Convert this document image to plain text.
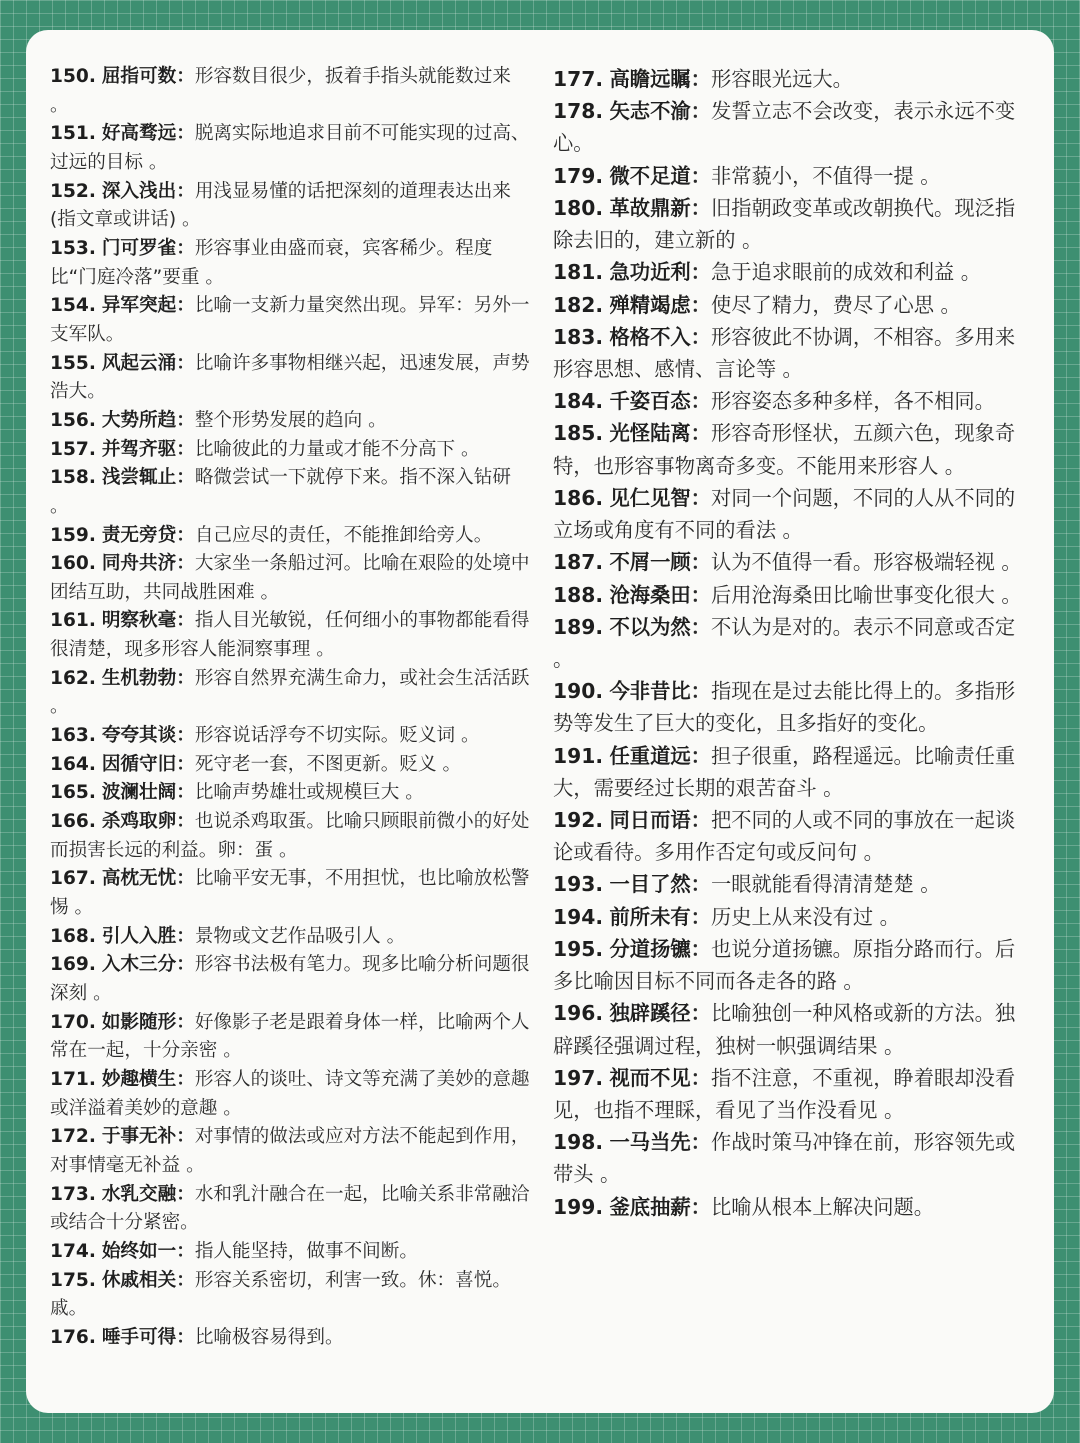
150. 屈指可数：形容数目很少，扳着手指头就能数过来 。

151. 好高骛远：脱离实际地追求目前不可能实现的过高、过远的目标 。

152. 深入浅出：用浅显易懂的话把深刻的道理表达出来(指文章或讲话) 。

153. 门可罗雀：形容事业由盛而衰，宾客稀少。程度比“门庭冷落”要重 。

154. 异军突起：比喻一支新力量突然出现。异军：另外一支军队。

155. 风起云涌：比喻许多事物相继兴起，迅速发展，声势浩大。

156. 大势所趋：整个形势发展的趋向 。

157. 并驾齐驱：比喻彼此的力量或才能不分高下 。

158. 浅尝辄止：略微尝试一下就停下来。指不深入钻研 。

159. 责无旁贷：自己应尽的责任，不能推卸给旁人。

160. 同舟共济：大家坐一条船过河。比喻在艰险的处境中团结互助，共同战胜困难 。

161. 明察秋毫：指人目光敏锐，任何细小的事物都能看得很清楚，现多形容人能洞察事理 。

162. 生机勃勃：形容自然界充满生命力，或社会生活活跃 。

163. 夸夸其谈：形容说话浮夸不切实际。贬义词 。

164. 因循守旧：死守老一套，不图更新。贬义 。

165. 波澜壮阔：比喻声势雄壮或规模巨大 。

166. 杀鸡取卵：也说杀鸡取蛋。比喻只顾眼前微小的好处而损害长远的利益。卵：蛋 。

167. 高枕无忧：比喻平安无事，不用担忧，也比喻放松警惕 。

168. 引人入胜：景物或文艺作品吸引人 。

169. 入木三分：形容书法极有笔力。现多比喻分析问题很深刻 。

170. 如影随形：好像影子老是跟着身体一样，比喻两个人常在一起，十分亲密 。

171. 妙趣横生：形容人的谈吐、诗文等充满了美妙的意趣或洋溢着美妙的意趣 。

172. 于事无补：对事情的做法或应对方法不能起到作用，对事情毫无补益 。

173. 水乳交融：水和乳汁融合在一起，比喻关系非常融洽或结合十分紧密。

174. 始终如一：指人能坚持，做事不间断。

175. 休戚相关：形容关系密切，利害一致。休：喜悦。戚。

176. 唾手可得：比喻极容易得到。

177. 高瞻远瞩：形容眼光远大。

178. 矢志不渝：发誓立志不会改变，表示永远不变心。

179. 微不足道：非常藐小，不值得一提 。

180. 革故鼎新：旧指朝政变革或改朝换代。现泛指除去旧的，建立新的 。

181. 急功近利：急于追求眼前的成效和利益 。

182. 殚精竭虑：使尽了精力，费尽了心思 。

183. 格格不入：形容彼此不协调，不相容。多用来形容思想、感情、言论等 。

184. 千姿百态：形容姿态多种多样，各不相同。

185. 光怪陆离：形容奇形怪状，五颜六色，现象奇特，也形容事物离奇多变。不能用来形容人 。

186. 见仁见智：对同一个问题，不同的人从不同的立场或角度有不同的看法 。

187. 不屑一顾：认为不值得一看。形容极端轻视 。

188. 沧海桑田：后用沧海桑田比喻世事变化很大 。

189. 不以为然：不认为是对的。表示不同意或否定 。

190. 今非昔比：指现在是过去能比得上的。多指形势等发生了巨大的变化，且多指好的变化。

191. 任重道远：担子很重，路程遥远。比喻责任重大，需要经过长期的艰苦奋斗 。

192. 同日而语：把不同的人或不同的事放在一起谈论或看待。多用作否定句或反问句 。

193. 一目了然：一眼就能看得清清楚楚 。

194. 前所未有：历史上从来没有过 。

195. 分道扬镳：也说分道扬镳。原指分路而行。后多比喻因目标不同而各走各的路 。

196. 独辟蹊径：比喻独创一种风格或新的方法。独辟蹊径强调过程，独树一帜强调结果 。

197. 视而不见：指不注意，不重视，睁着眼却没看见，也指不理睬，看见了当作没看见 。

198. 一马当先：作战时策马冲锋在前，形容领先或带头 。

199. 釜底抽薪：比喻从根本上解决问题。
